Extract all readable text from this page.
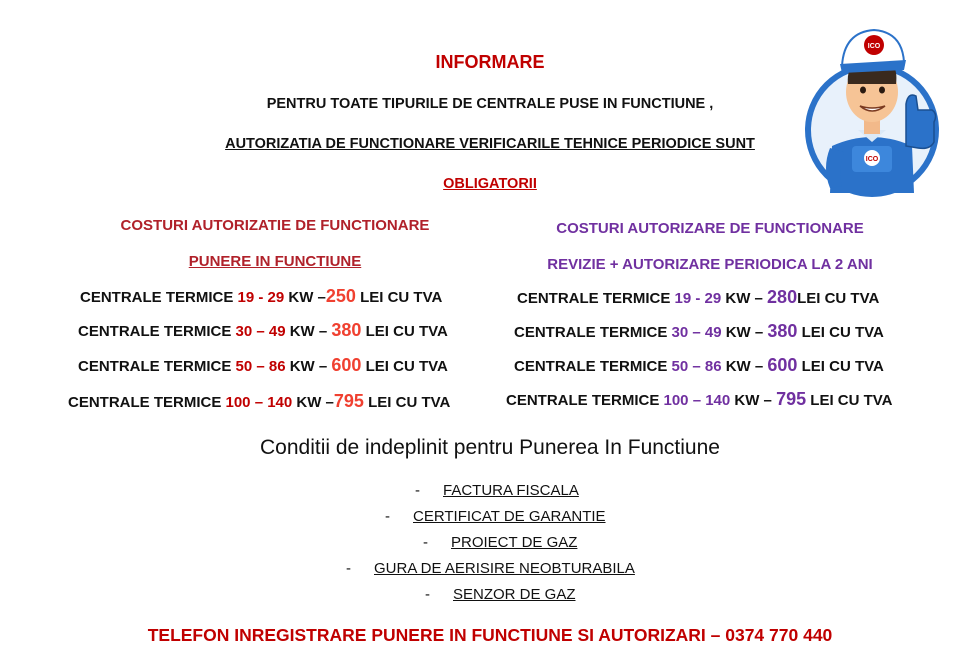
INFORMARE
PENTRU TOATE TIPURILE DE CENTRALE PUSE IN FUNCTIUNE ,
AUTORIZATIA DE FUNCTIONARE VERIFICARILE TEHNICE PERIODICE SUNT
OBLIGATORII
COSTURI AUTORIZATIE DE FUNCTIONARE
PUNERE IN FUNCTIUNE
COSTURI AUTORIZARE DE FUNCTIONARE
REVIZIE + AUTORIZARE PERIODICA LA 2 ANI
CENTRALE TERMICE 19 - 29 KW –250 LEI CU TVA
CENTRALE TERMICE 30 – 49 KW – 380 LEI CU TVA
CENTRALE TERMICE 50 – 86 KW – 600 LEI CU TVA
CENTRALE TERMICE 100 – 140 KW –795 LEI CU TVA
CENTRALE TERMICE 19 - 29 KW – 280LEI CU TVA
CENTRALE TERMICE 30 – 49 KW – 380 LEI CU TVA
CENTRALE TERMICE 50 – 86 KW – 600 LEI CU TVA
CENTRALE TERMICE 100 – 140 KW – 795 LEI CU TVA
Conditii de indeplinit pentru Punerea In Functiune
- FACTURA FISCALA
- CERTIFICAT DE GARANTIE
- PROIECT DE GAZ
- GURA DE AERISIRE NEOBTURABILA
- SENZOR DE GAZ
TELEFON INREGISTRARE PUNERE IN FUNCTIUNE SI AUTORIZARI – 0374 770 440
ICO
ICO
